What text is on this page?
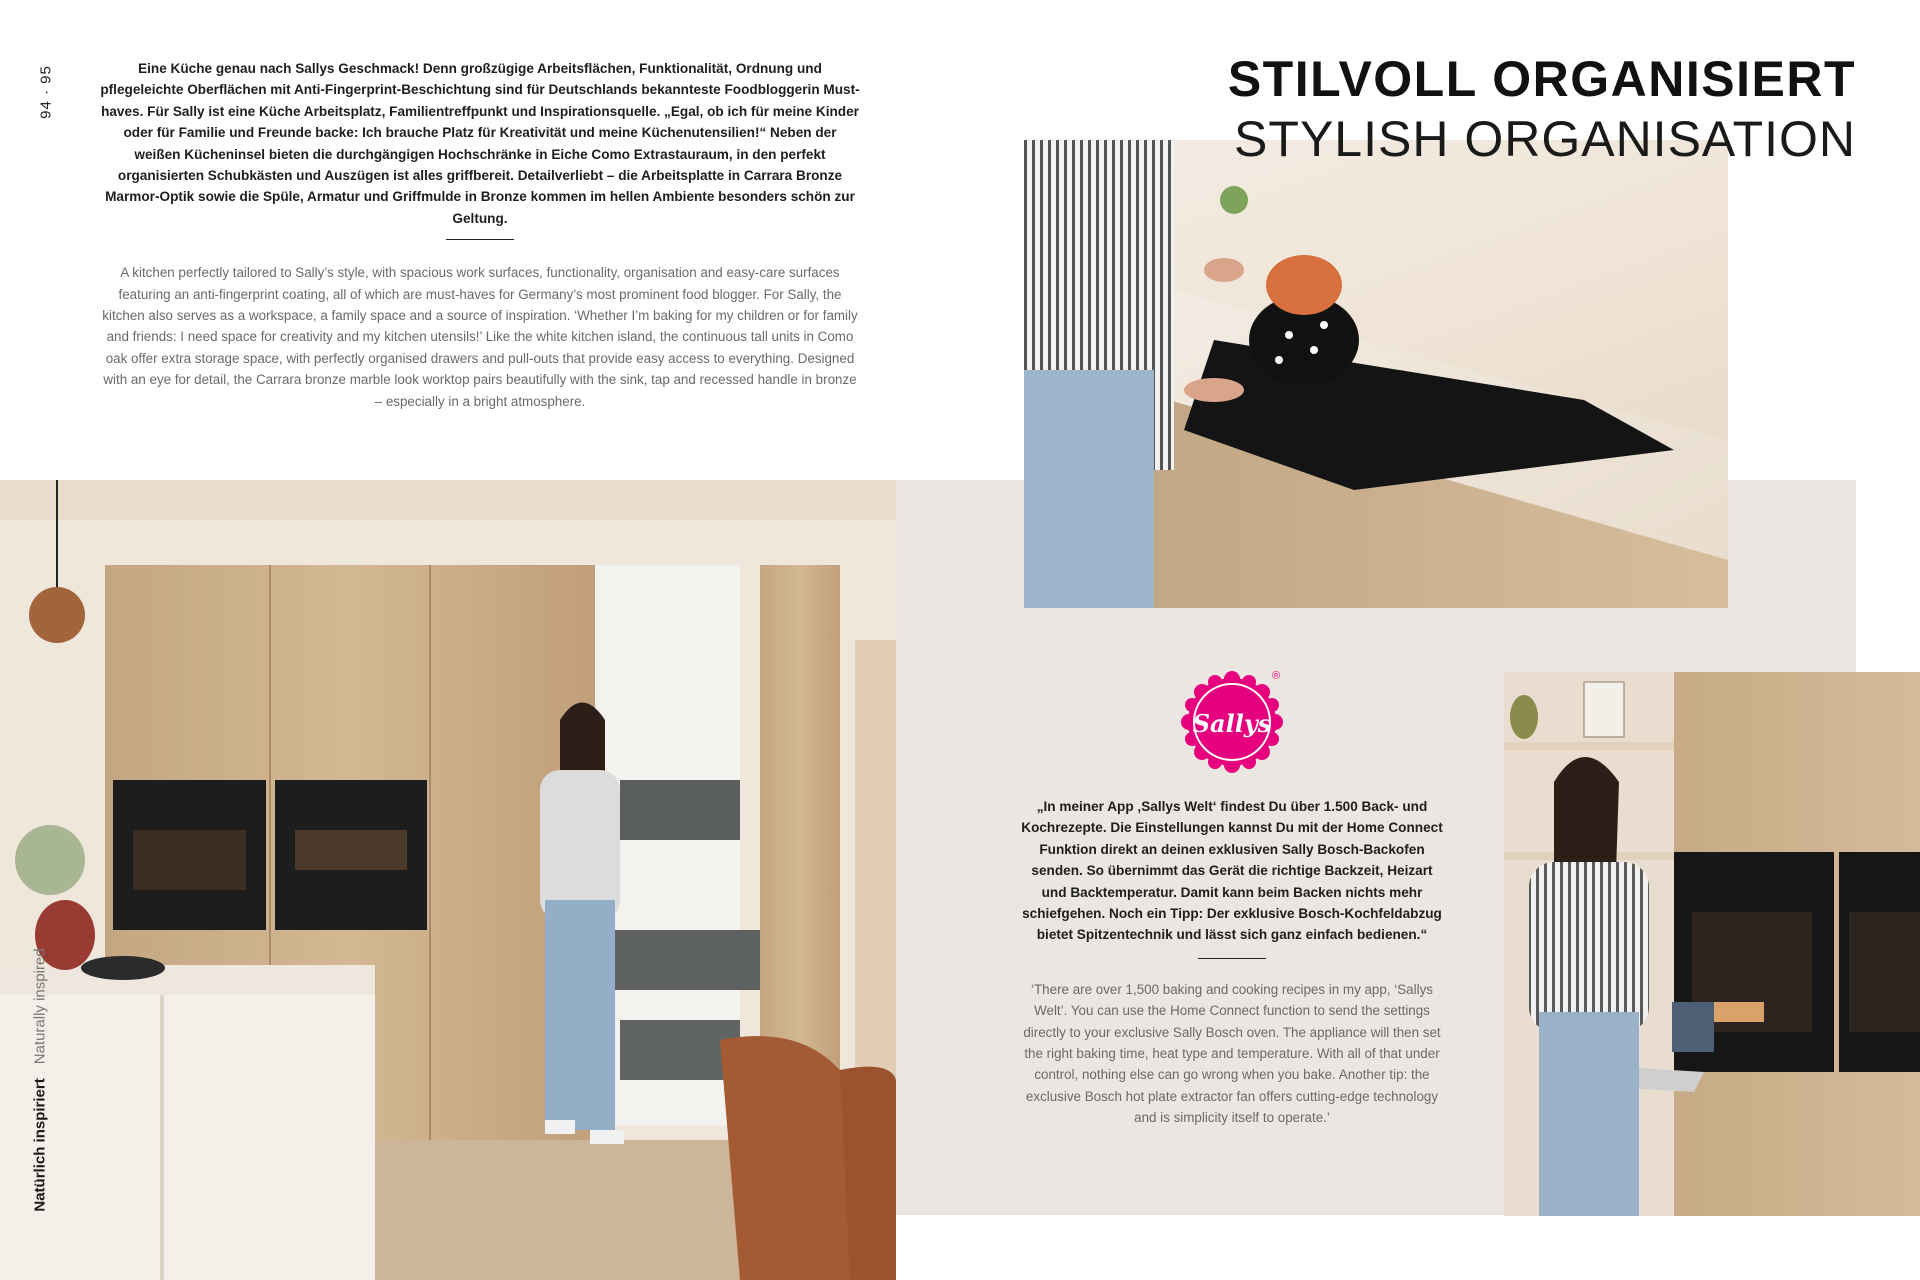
94 · 95	Eine Küche genau nach Sallys Geschmack! Denn großzügige Arbeitsflächen, Funktionalität, Ordnung und pflegeleichte Oberflächen mit Anti-Fingerprint-Beschichtung sind für Deutschlands bekannteste Foodbloggerin Must-haves. Für Sally ist eine Küche Arbeitsplatz, Familientreffpunkt und Inspirationsquelle. „Egal, ob ich für meine Kinder oder für Familie und Freunde backe: Ich brauche Platz für Kreativität und meine Küchenutensilien!“ Neben der weißen Kücheninsel bieten die durchgängigen Hochschränke in Eiche Como Extrastauraum, in den perfekt organisierten Schubkästen und Auszügen ist alles griffbereit. Detailverliebt – die Arbeitsplatte in Carrara Bronze Marmor-Optik sowie die Spüle, Armatur und Griffmulde in Bronze kommen im hellen Ambiente besonders schön zur Geltung.

A kitchen perfectly tailored to Sally’s style, with spacious work surfaces, functionality, organisation and easy-care surfaces featuring an anti-fingerprint coating, all of which are must-haves for Germany’s most prominent food blogger. For Sally, the kitchen also serves as a workspace, a family space and a source of inspiration. ‘Whether I’m baking for my children or for family and friends: I need space for creativity and my kitchen utensils!’ Like the white kitchen island, the continuous tall units in Como oak offer extra storage space, with perfectly organised drawers and pull-outs that provide easy access to everything. Designed with an eye for detail, the Carrara bronze marble look worktop pairs beautifully with the sink, tap and recessed handle in bronze – especially in a bright atmosphere.

STILVOLL ORGANISIERT
STYLISH ORGANISATION
Natürlich inspiriertNaturally inspired
Sallys
®

„In meiner App ‚Sallys Welt‘ findest Du über 1.500 Back- und Kochrezepte. Die Einstellungen kannst Du mit der Home Connect Funktion direkt an deinen exklusiven Sally Bosch-Backofen senden. So übernimmt das Gerät die richtige Backzeit, Heizart und Backtemperatur. Damit kann beim Backen nichts mehr schiefgehen. Noch ein Tipp: Der exklusive Bosch-Kochfeldabzug bietet Spitzentechnik und lässt sich ganz einfach bedienen.“

‘There are over 1,500 baking and cooking recipes in my app, ‘Sallys Welt’. You can use the Home Connect function to send the settings directly to your exclusive Sally Bosch oven. The appliance will then set the right baking time, heat type and temperature. With all of that under control, nothing else can go wrong when you bake. Another tip: the exclusive Bosch hot plate extractor fan offers cutting-edge technology and is simplicity itself to operate.’
